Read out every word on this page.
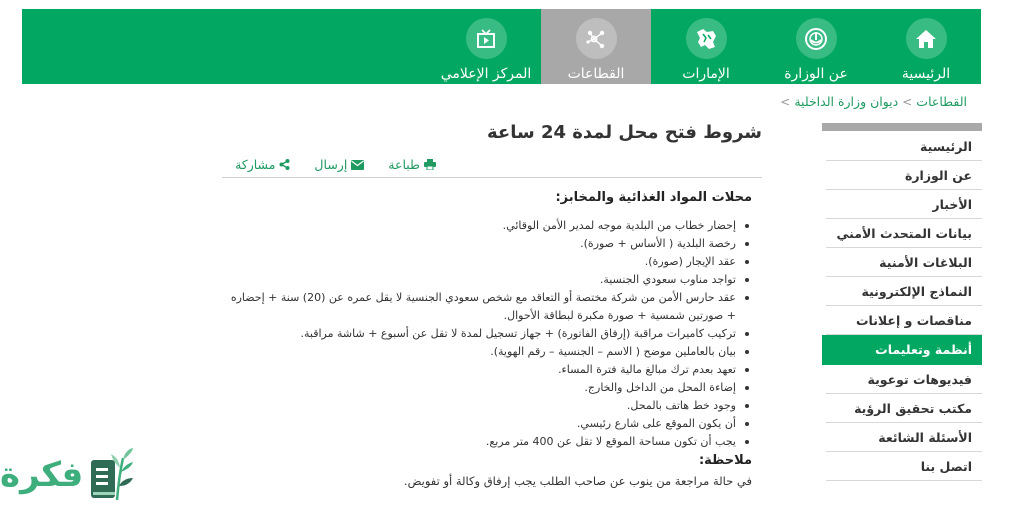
الرئيسية
عن الوزارة
الإمارات
القطاعات
المركز الإعلامي
القطاعات
>
ديوان وزارة الداخلية
>
الرئيسية
عن الوزارة
الأخبار
بيانات المتحدث الأمني
البلاغات الأمنية
النماذج الإلكترونية
مناقصات و إعلانات
أنظمة وتعليمات
فيديوهات توعوية
مكتب تحقيق الرؤية
الأسئلة الشائعة
اتصل بنا
شروط فتح محل لمدة 24 ساعة
طباعة
إرسال
مشاركة
محلات المواد الغذائية والمخابز:
إحضار خطاب من البلدية موجه لمدير الأمن الوقائي.
رخصة البلدية ( الأساس + صورة).
عقد الإيجار (صورة).
تواجد مناوب سعودي الجنسية.
عقد حارس الأمن من شركة مختصة أو التعاقد مع شخص سعودي الجنسية لا يقل عمره عن (20) سنة + إحضاره + صورتين شمسية + صورة مكبرة لبطاقة الأحوال.
تركيب كاميرات مراقبة (إرفاق الفاتورة) + جهاز تسجيل لمدة لا تقل عن أسبوع + شاشة مراقبة.
بيان بالعاملين موضح ( الاسم – الجنسية – رقم الهوية).
تعهد بعدم ترك مبالغ مالية فترة المساء.
إضاءة المحل من الداخل والخارج.
وجود خط هاتف بالمحل.
أن يكون الموقع على شارع رئيسي.
يجب أن تكون مساحة الموقع لا تقل عن 400 متر مربع.
ملاحظة:

في حالة مراجعة من ينوب عن صاحب الطلب يجب إرفاق وكالة أو تفويض.

فكرة
